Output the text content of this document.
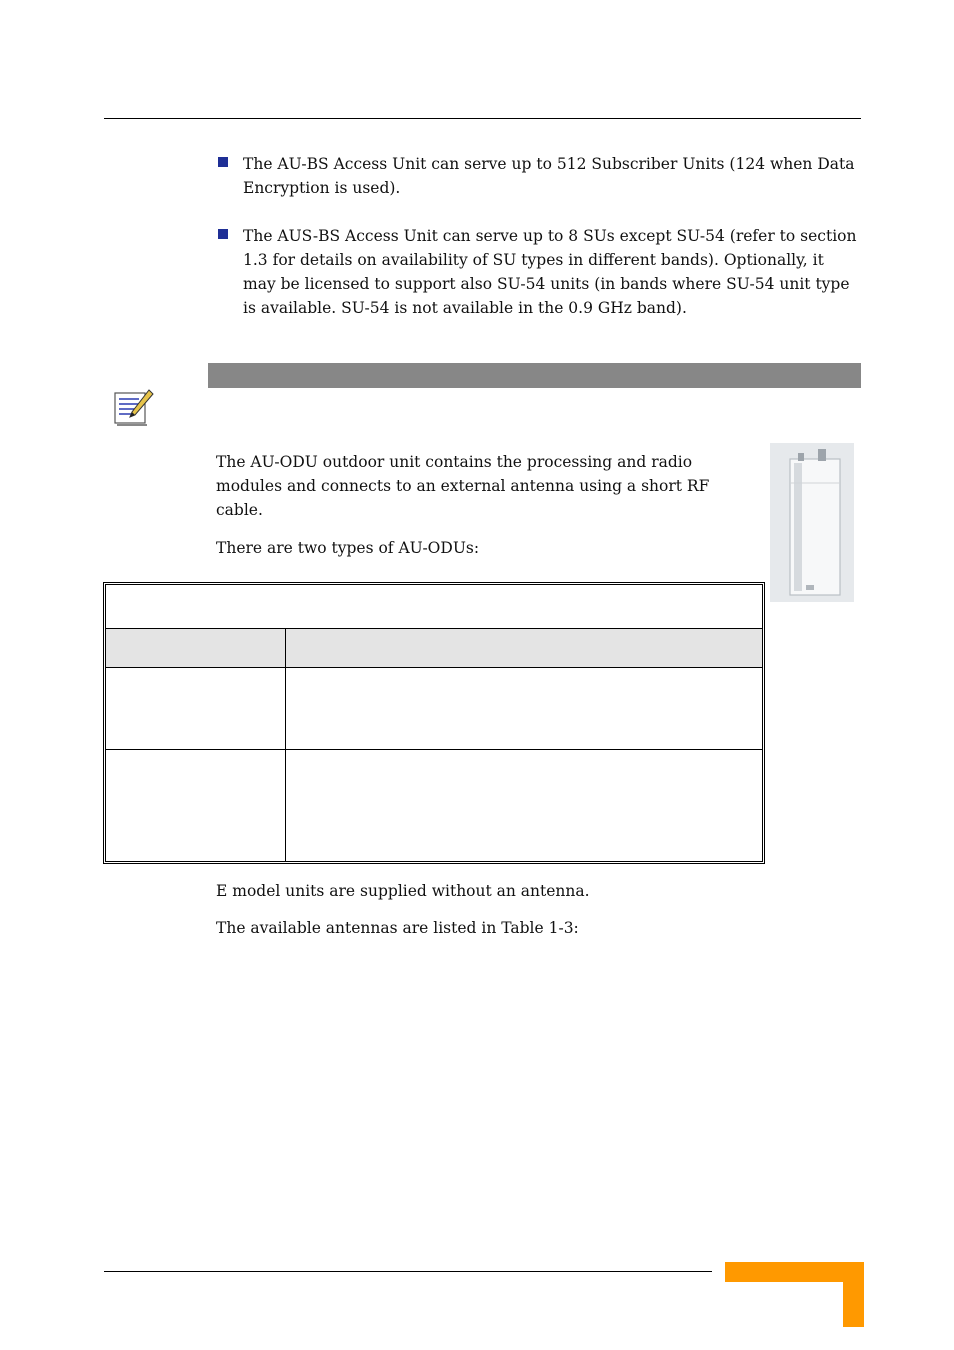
The AU-BS Access Unit can serve up to 512 Subscriber Units (124 when Data
Encryption is used).
The AUS-BS Access Unit can serve up to 8 SUs except SU-54 (refer to section
1.3 for details on availability of SU types in different bands). Optionally, it
may be licensed to support also SU-54 units (in bands where SU-54 unit type
is available. SU-54 is not available in the 0.9 GHz band).
The AU-ODU outdoor unit contains the processing and radio
modules and connects to an external antenna using a short RF
cable.
There are two types of AU-ODUs:
E model units are supplied without an antenna.
The available antennas are listed in Table 1-3:
